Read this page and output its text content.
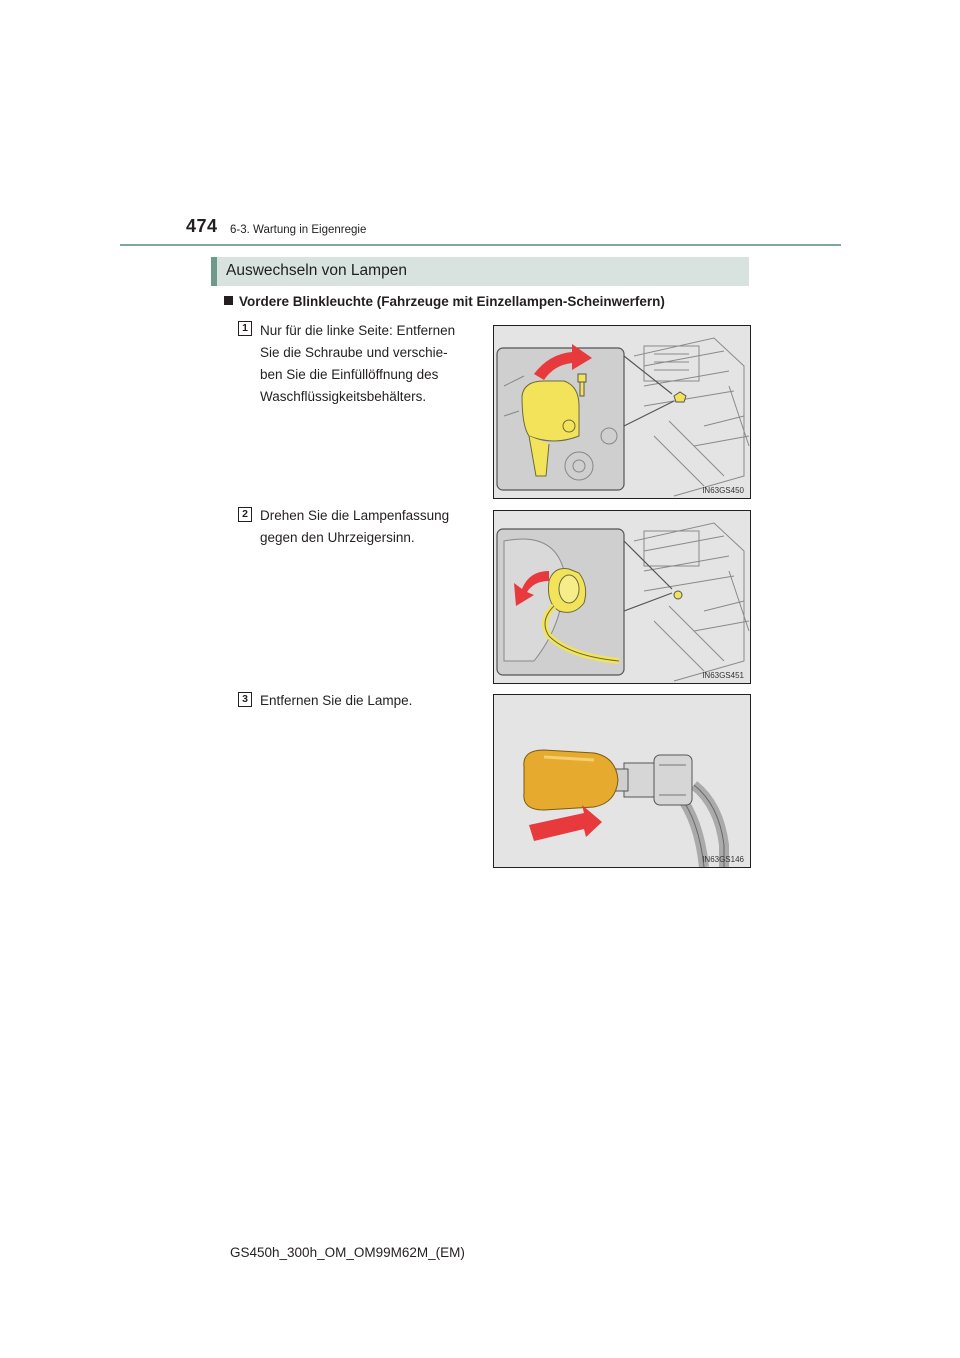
474 6-3. Wartung in Eigenregie
Auswechseln von Lampen
Vordere Blinkleuchte (Fahrzeuge mit Einzellampen-Scheinwerfern)
1 Nur für die linke Seite: Entfernen
Sie die Schraube und verschie-
ben Sie die Einfüllöffnung des
Waschflüssigkeitsbehälters.
IN63GS450
2 Drehen Sie die Lampenfassung
gegen den Uhrzeigersinn.
IN63GS451
3 Entfernen Sie die Lampe.
IN63GS146
GS450h_300h_OM_OM99M62M_(EM)
